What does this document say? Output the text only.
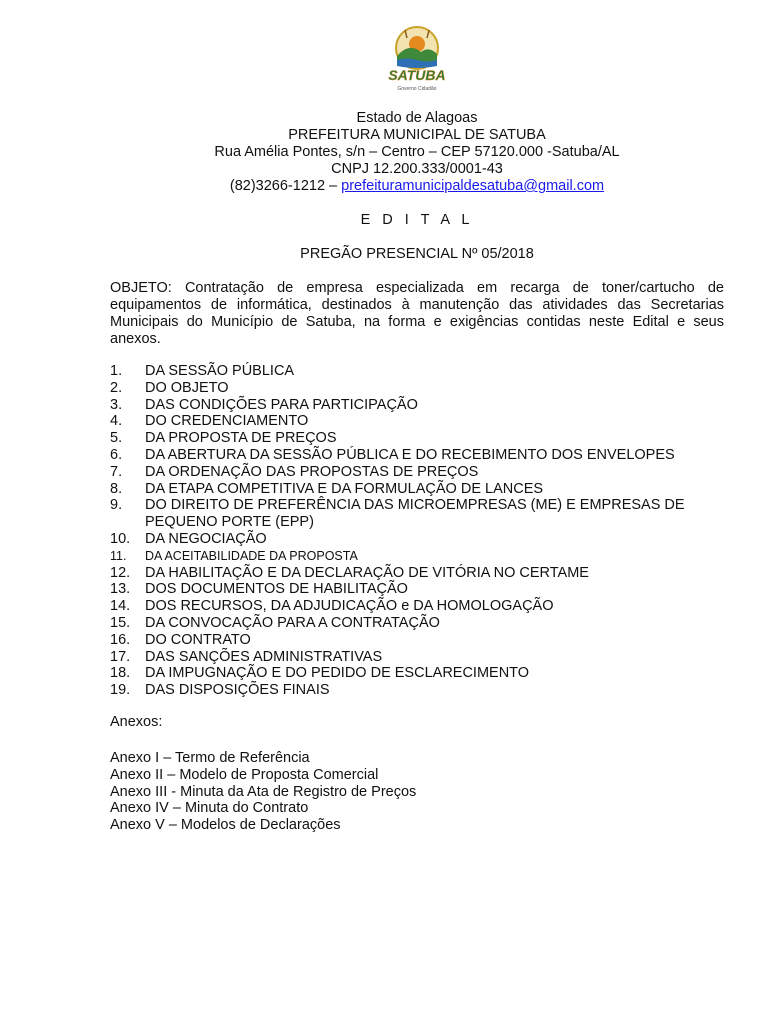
SATUBA
Governo Cidadão
Estado de Alagoas
PREFEITURA MUNICIPAL DE SATUBA
Rua Amélia Pontes, s/n – Centro – CEP 57120.000 -Satuba/AL
CNPJ 12.200.333/0001-43
(82)3266-1212 – prefeituramunicipaldesatuba@gmail.com
E D I T A L
PREGÃO PRESENCIAL Nº 05/2018
OBJETO: Contratação de empresa especializada em recarga de toner/cartucho de equipamentos de informática, destinados à manutenção das atividades das Secretarias Municipais do Município de Satuba, na forma e exigências contidas neste Edital e seus anexos.
1.	DA SESSÃO PÚBLICA
2.	DO OBJETO
3.	DAS CONDIÇÕES PARA PARTICIPAÇÃO
4.	DO CREDENCIAMENTO
5.	DA PROPOSTA DE PREÇOS
6.	DA ABERTURA DA SESSÃO PÚBLICA E DO RECEBIMENTO DOS ENVELOPES
7.	DA ORDENAÇÃO DAS PROPOSTAS DE PREÇOS
8.	DA ETAPA COMPETITIVA E DA FORMULAÇÃO DE LANCES
9.	DO DIREITO DE PREFERÊNCIA DAS MICROEMPRESAS (ME) E EMPRESAS DE PEQUENO PORTE (EPP)
10.	DA NEGOCIAÇÃO
11.	DA ACEITABILIDADE DA PROPOSTA
12.	DA HABILITAÇÃO E DA DECLARAÇÃO DE VITÓRIA NO CERTAME
13.	DOS DOCUMENTOS DE HABILITAÇÃO
14.	DOS RECURSOS, DA ADJUDICAÇÃO e DA HOMOLOGAÇÃO
15.	DA CONVOCAÇÃO PARA A CONTRATAÇÃO
16.	DO CONTRATO
17.	DAS SANÇÕES ADMINISTRATIVAS
18.	DA IMPUGNAÇÃO E DO PEDIDO DE ESCLARECIMENTO
19.	DAS DISPOSIÇÕES FINAIS
Anexos:
Anexo I – Termo de Referência
Anexo II – Modelo de Proposta Comercial
Anexo III - Minuta da Ata de Registro de Preços
Anexo IV – Minuta do Contrato
Anexo V – Modelos de Declarações
